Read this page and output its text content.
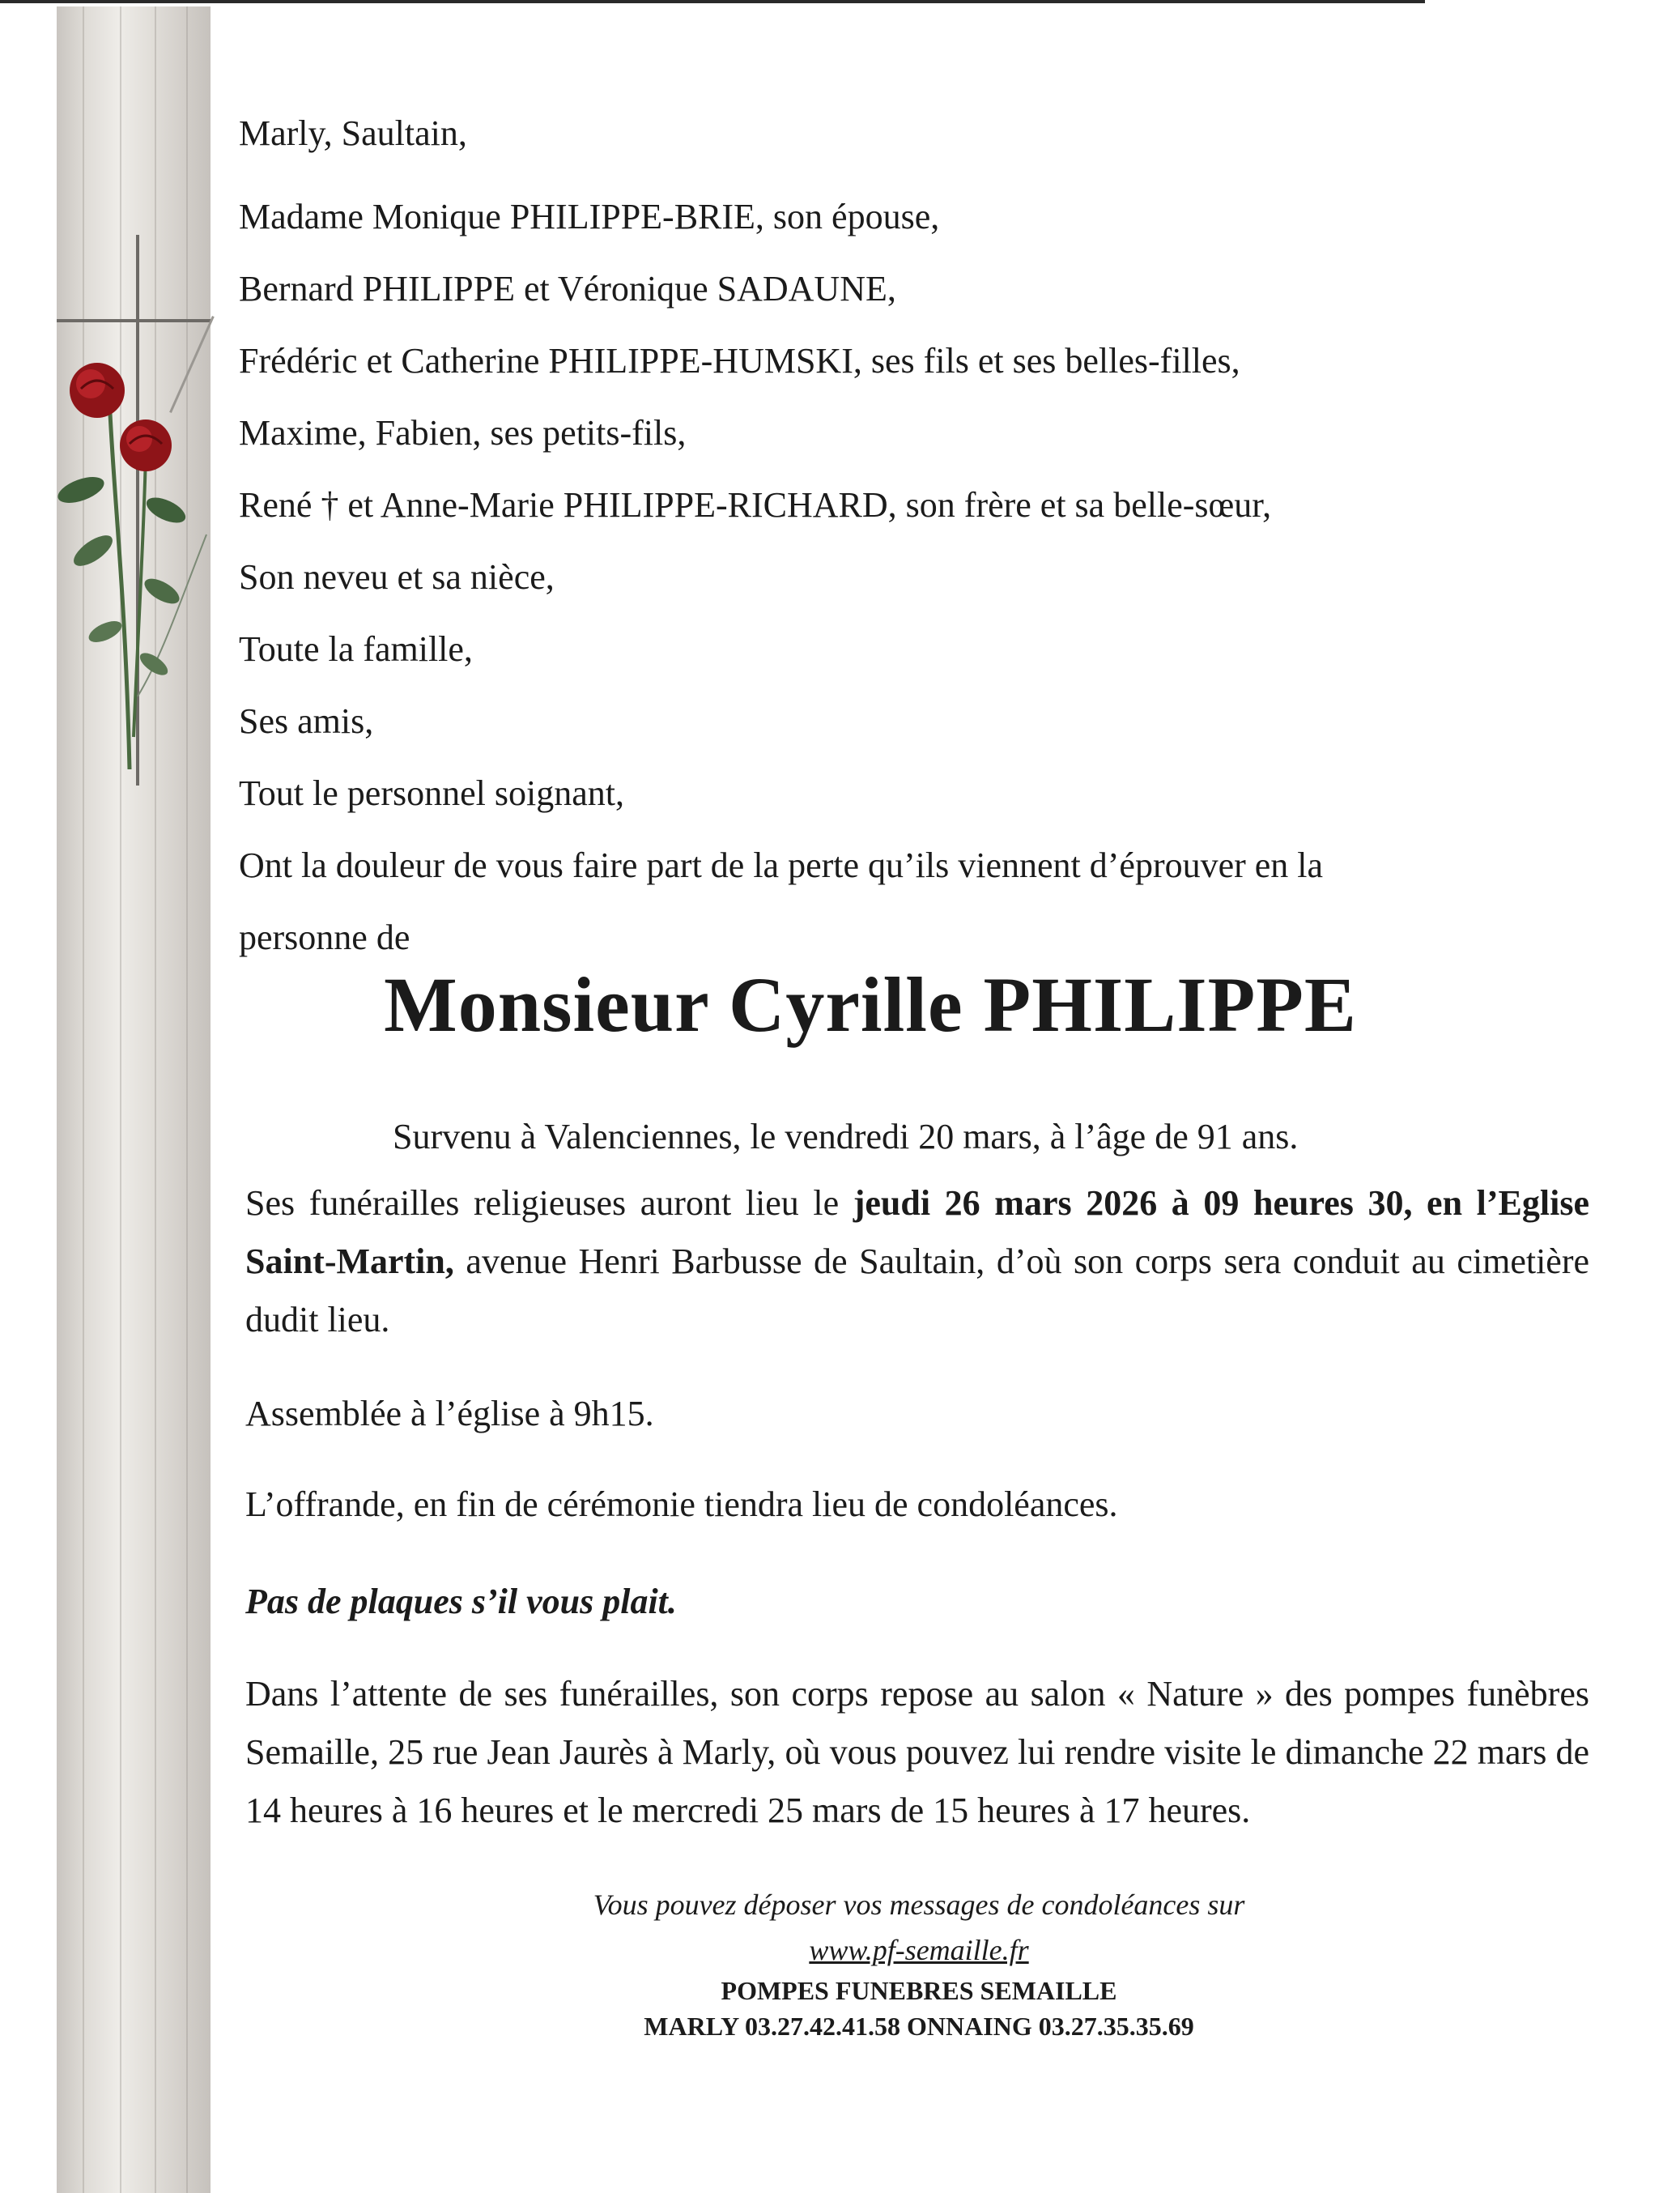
Marly, Saultain,
Madame Monique PHILIPPE-BRIE, son épouse,
Bernard PHILIPPE et Véronique SADAUNE,
Frédéric et Catherine PHILIPPE-HUMSKI, ses fils et ses belles-filles,
Maxime, Fabien, ses petits-fils,
René † et Anne-Marie PHILIPPE-RICHARD, son frère et sa belle-sœur,
Son neveu et sa nièce,
Toute la famille,
Ses amis,
Tout le personnel soignant,
Ont la douleur de vous faire part de la perte qu’ils viennent d’éprouver en la
personne de
Monsieur Cyrille PHILIPPE
Survenu à Valenciennes, le vendredi 20 mars, à l’âge de 91 ans.
Ses funérailles religieuses auront lieu le jeudi 26 mars 2026 à 09 heures 30, en l’Eglise Saint-Martin, avenue Henri Barbusse de Saultain, d’où son corps sera conduit au cimetière dudit lieu.
Assemblée à l’église à 9h15.
L’offrande, en fin de cérémonie tiendra lieu de condoléances.
Pas de plaques s’il vous plait.
Dans l’attente de ses funérailles, son corps repose au salon « Nature » des pompes funèbres Semaille, 25 rue Jean Jaurès à Marly, où vous pouvez lui rendre visite le dimanche 22 mars de 14 heures à 16 heures et le mercredi 25 mars de 15 heures à 17 heures.
Vous pouvez déposer vos messages de condoléances sur
www.pf-semaille.fr
POMPES FUNEBRES SEMAILLE
MARLY 03.27.42.41.58 ONNAING 03.27.35.35.69
